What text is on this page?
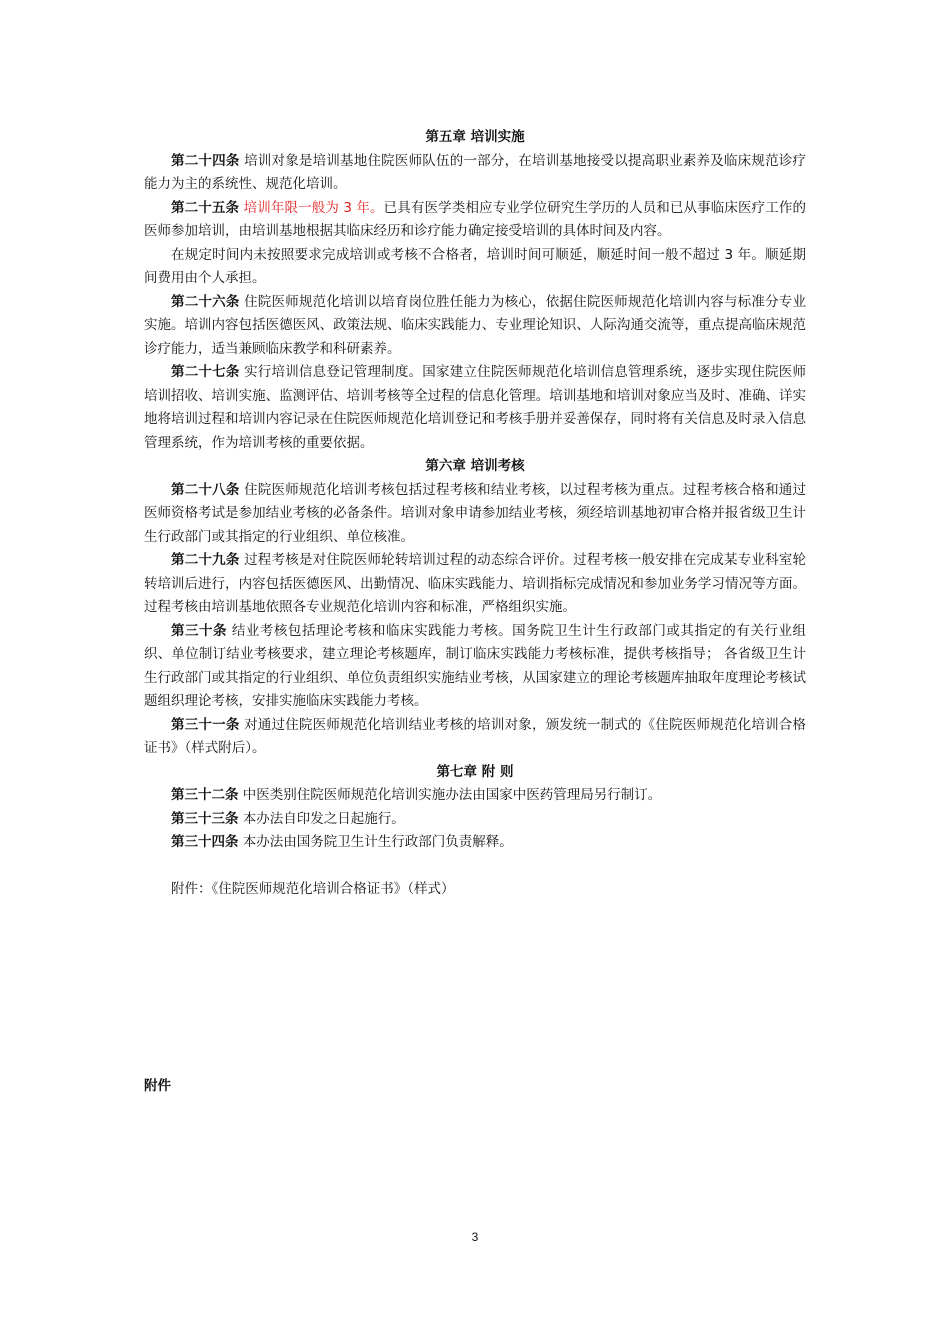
第五章 培训实施

第二十四条 培训对象是培训基地住院医师队伍的一部分，在培训基地接受以提高职业素养及临床规范诊疗能力为主的系统性、规范化培训。

第二十五条 培训年限一般为 3 年。已具有医学类相应专业学位研究生学历的人员和已从事临床医疗工作的医师参加培训，由培训基地根据其临床经历和诊疗能力确定接受培训的具体时间及内容。

在规定时间内未按照要求完成培训或考核不合格者，培训时间可顺延，顺延时间一般不超过 3 年。顺延期间费用由个人承担。

第二十六条 住院医师规范化培训以培育岗位胜任能力为核心，依据住院医师规范化培训内容与标准分专业实施。培训内容包括医德医风、政策法规、临床实践能力、专业理论知识、人际沟通交流等，重点提高临床规范诊疗能力，适当兼顾临床教学和科研素养。

第二十七条 实行培训信息登记管理制度。国家建立住院医师规范化培训信息管理系统，逐步实现住院医师培训招收、培训实施、监测评估、培训考核等全过程的信息化管理。培训基地和培训对象应当及时、准确、详实地将培训过程和培训内容记录在住院医师规范化培训登记和考核手册并妥善保存，同时将有关信息及时录入信息管理系统，作为培训考核的重要依据。

第六章 培训考核

第二十八条 住院医师规范化培训考核包括过程考核和结业考核，以过程考核为重点。过程考核合格和通过医师资格考试是参加结业考核的必备条件。培训对象申请参加结业考核，须经培训基地初审合格并报省级卫生计生行政部门或其指定的行业组织、单位核准。

第二十九条 过程考核是对住院医师轮转培训过程的动态综合评价。过程考核一般安排在完成某专业科室轮转培训后进行，内容包括医德医风、出勤情况、临床实践能力、培训指标完成情况和参加业务学习情况等方面。过程考核由培训基地依照各专业规范化培训内容和标准，严格组织实施。

第三十条 结业考核包括理论考核和临床实践能力考核。国务院卫生计生行政部门或其指定的有关行业组织、单位制订结业考核要求，建立理论考核题库，制订临床实践能力考核标准，提供考核指导； 各省级卫生计生行政部门或其指定的行业组织、单位负责组织实施结业考核，从国家建立的理论考核题库抽取年度理论考核试题组织理论考核，安排实施临床实践能力考核。

第三十一条 对通过住院医师规范化培训结业考核的培训对象，颁发统一制式的《住院医师规范化培训合格证书》（样式附后）。

第七章 附 则

第三十二条 中医类别住院医师规范化培训实施办法由国家中医药管理局另行制订。

第三十三条 本办法自印发之日起施行。

第三十四条 本办法由国务院卫生计生行政部门负责解释。

附件：《住院医师规范化培训合格证书》（样式）

附件
3
